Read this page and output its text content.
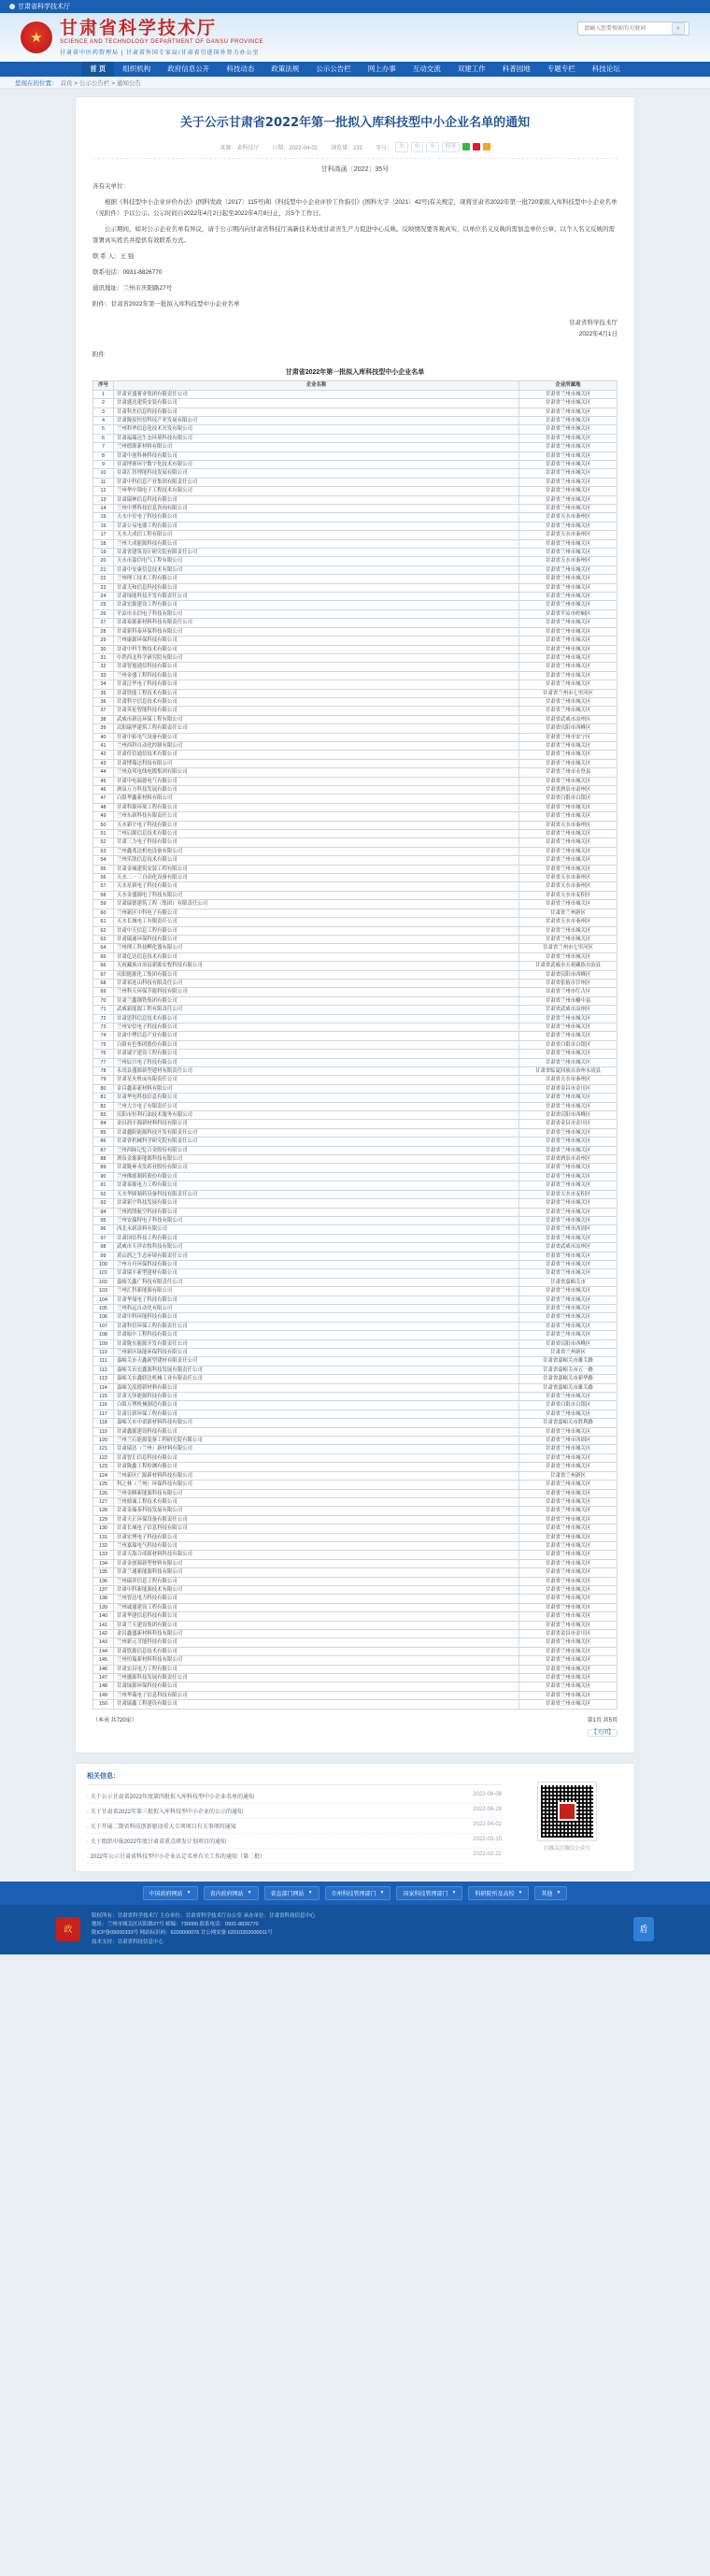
甘肃省科学技术厅
★ 甘肃省科学技术厅
SCIENCE AND TECHNOLOGY DEPARTMENT OF GANSU PROVINCE
甘肃省中医药管理局 | 甘肃省外国专家局/甘肃省引进国外智力办公室
请输入您要搜索的关键词
⌕
首 页	组织机构	政府信息公开	科技动态	政策法规	公示公告栏	网上办事	互动交流	双建工作	科普园地	专题专栏	科技论坛
您现在的位置： 首页 > 公示公告栏 > 通知公告
关于公示甘肃省2022年第一批拟入库科技型中小企业名单的通知
来源：省科技厅 日期：2022-04-02 浏览量：231 字号：	大	中	小	打印
甘科高函〔2022〕35号

各有关单位：

根据《科技型中小企业评价办法》(国科发政〔2017〕115号)和《科技型中小企业评价工作指引》(国科火字〔2021〕42号)有关规定，现将甘肃省2022年第一批720家拟入库科技型中小企业名单（见附件）予以公示。公示时间自2022年4月2日起至2022年4月8日止，共5个工作日。

公示期间，如对公示企业名单有异议，请于公示期内向甘肃省科技厅高新技术处或甘肃省生产力促进中心反映。反映情况要客观真实，以单位名义反映的需加盖单位公章，以个人名义反映的需签署真实姓名并提供有效联系方式。

联 系 人：王 强

联系电话：0931-8826770

通讯地址：兰州市庆阳路27号

附件：甘肃省2022年第一批拟入库科技型中小企业名单

甘肃省科学技术厅
2022年4月1日
附件
甘肃省2022年第一批拟入库科技型中小企业名单
序号	企业名称	企业所属地
1	甘肃亚盛薯业集团有限责任公司	甘肃省兰州市城关区
2	甘肃盛达建筑安装有限公司	甘肃省兰州市城关区
3	甘肃科杰信息科技有限公司	甘肃省兰州市城关区
4	甘肃陇原恒信科技产业发展有限公司	甘肃省兰州市城关区
5	兰州科华信息化技术开发有限公司	甘肃省兰州市城关区
6	甘肃福瑞达生态环境科技有限公司	甘肃省兰州市城关区
7	兰州德源新材料有限公司	甘肃省兰州市城关区
8	甘肃中创科林科技有限公司	甘肃省兰州市城关区
9	甘肃博睿环宇数字化技术有限公司	甘肃省兰州市城关区
10	甘肃汇智博能科技发展有限公司	甘肃省兰州市城关区
11	甘肃中科信息产业集团有限责任公司	甘肃省兰州市城关区
12	兰州华中锦电子工程技术有限公司	甘肃省兰州市城关区
13	甘肃瑞林信息科技有限公司	甘肃省兰州市城关区
14	兰州中博科技信息咨询有限公司	甘肃省兰州市城关区
15	天水中星电子科技有限公司	甘肃省天水市秦州区
16	甘肃公易电器工程有限公司	甘肃省兰州市城关区
17	天水大成信工程有限公司	甘肃省天水市秦州区
18	兰州大成能源科技有限公司	甘肃省兰州市城关区
19	甘肃省建筑设计研究院有限责任公司	甘肃省兰州市城关区
20	天水市嘉信电气工程有限公司	甘肃省天水市秦州区
21	甘肃中安康信息技术有限公司	甘肃省兰州市城关区
22	兰州理工技术工程有限公司	甘肃省兰州市城关区
23	甘肃天和信息科技有限公司	甘肃省兰州市城关区
24	甘肃绿能科技开发有限责任公司	甘肃省兰州市城关区
25	甘肃宏源建设工程有限公司	甘肃省兰州市城关区
26	平凉市永信电子科技有限公司	甘肃省平凉市崆峒区
27	甘肃泰源新材料科技有限责任公司	甘肃省兰州市城关区
28	甘肃新科泰环保科技有限公司	甘肃省兰州市城关区
29	兰州康源环保科技有限公司	甘肃省兰州市城关区
30	甘肃中科生物技术有限公司	甘肃省兰州市城关区
31	中铁西北科学研究院有限公司	甘肃省兰州市城关区
32	甘肃智旭通信科技有限公司	甘肃省兰州市城关区
33	兰州金盛工程科技有限公司	甘肃省兰州市城关区
34	甘肃泛华电子科技有限公司	甘肃省兰州市城关区
35	甘肃铁能工程技术有限公司	甘肃省兰州市七里河区
36	甘肃科宇信息技术有限公司	甘肃省兰州市城关区
37	甘肃英伦智能科技有限公司	甘肃省兰州市城关区
38	武威市新达环保工程有限公司	甘肃省武威市凉州区
39	庆阳瑞华建筑工程有限责任公司	甘肃省庆阳市西峰区
40	甘肃中拓电气设备有限公司	甘肃省兰州市安宁区
41	兰州西科自动化控制有限公司	甘肃省兰州市城关区
42	甘肃佳信通信技术有限公司	甘肃省兰州市城关区
43	甘肃博瑞达科技有限公司	甘肃省兰州市城关区
44	兰州众邦电线电缆集团有限公司	甘肃省兰州市永登县
45	甘肃中电瑞德电气有限公司	甘肃省兰州市城关区
46	酒泉万方科技发展有限公司	甘肃省酒泉市肃州区
47	白银华鑫新材料有限公司	甘肃省白银市白银区
48	甘肃科源环境工程有限公司	甘肃省兰州市城关区
49	兰州东新科技有限责任公司	甘肃省兰州市城关区
50	天水新宇电子科技有限公司	甘肃省天水市秦州区
51	兰州启源信息技术有限公司	甘肃省兰州市城关区
52	甘肃三力电子科技有限公司	甘肃省兰州市城关区
53	兰州鑫兆达机电设备有限公司	甘肃省兰州市城关区
54	兰州乐凯信息技术有限公司	甘肃省兰州市城关区
55	甘肃金城建筑安装工程有限公司	甘肃省兰州市城关区
56	天水二一三自动化设备有限公司	甘肃省天水市秦州区
57	天水星新电子科技有限公司	甘肃省天水市秦州区
58	天水金盛源电子科技有限公司	甘肃省天水市麦积区
59	甘肃瑞德建筑工程（集团）有限责任公司	甘肃省兰州市城关区
60	兰州新区中科电子有限公司	甘肃省兰州新区
61	天水长城电工有限责任公司	甘肃省天水市秦州区
62	甘肃中天信息工程有限公司	甘肃省兰州市城关区
63	甘肃瑞迪环保科技有限公司	甘肃省兰州市城关区
64	兰州理工科技孵化器有限公司	甘肃省兰州市七里河区
65	甘肃亿达信息技术有限公司	甘肃省兰州市城关区
66	天祝藏族自治县新源农牧科技有限公司	甘肃省武威市天祝藏族自治县
67	庆阳能源化工集团有限公司	甘肃省庆阳市西峰区
68	甘肃祁连山科技有限责任公司	甘肃省张掖市甘州区
69	兰州科天环保节能科技有限公司	甘肃省兰州市红古区
70	甘肃兰鑫钢铁集团有限公司	甘肃省兰州市榆中县
71	武威新能源工程有限责任公司	甘肃省武威市凉州区
72	甘肃思科信息技术有限公司	甘肃省兰州市城关区
73	兰州安信电子科技有限公司	甘肃省兰州市城关区
74	甘肃中博信息产业有限公司	甘肃省兰州市城关区
75	白银有色集团股份有限公司	甘肃省白银市白银区
76	甘肃诚宇建设工程有限公司	甘肃省兰州市城关区
77	兰州辰兴电子科技有限公司	甘肃省兰州市城关区
78	永靖县盛源新型建材有限责任公司	甘肃省临夏回族自治州永靖县
79	甘肃星火机床有限责任公司	甘肃省天水市秦州区
80	金昌鑫泰新材料有限公司	甘肃省金昌市金川区
81	甘肃华电科技信息有限公司	甘肃省兰州市城关区
82	兰州大方电子有限责任公司	甘肃省兰州市城关区
83	庆阳市恒利石油技术服务有限公司	甘肃省庆阳市西峰区
84	金昌润丰源新材料科技有限公司	甘肃省金昌市金川区
85	甘肃鑫阳能源科技开发有限责任公司	甘肃省兰州市城关区
86	甘肃省机械科学研究院有限责任公司	甘肃省兰州市城关区
87	兰州西脉记忆合金股份有限公司	甘肃省兰州市城关区
88	酒泉金源新能源科技有限公司	甘肃省酒泉市肃州区
89	甘肃陇神戎发药业股份有限公司	甘肃省兰州市城关区
90	兰州佛慈制药股份有限公司	甘肃省兰州市城关区
91	甘肃泰源电力工程有限公司	甘肃省兰州市城关区
92	天水华圆制药设备科技有限责任公司	甘肃省天水市麦积区
93	甘肃新宇科技发展有限公司	甘肃省兰州市城关区
94	兰州鸿鹄航空科技有限公司	甘肃省兰州市城关区
95	兰州安瑞特电子科技有限公司	甘肃省兰州市城关区
96	西北永新涂料有限公司	甘肃省兰州市西固区
97	甘肃国信科技工程有限公司	甘肃省兰州市城关区
98	武威市天祥农牧科技有限公司	甘肃省武威市凉州区
99	黄山润之生态环境有限责任公司	甘肃省兰州市城关区
100	兰州方舟环保科技有限公司	甘肃省兰州市城关区
101	甘肃瑞丰新型建材有限公司	甘肃省兰州市城关区
102	嘉峪关鑫广科技有限责任公司	甘肃省嘉峪关市
103	兰州汇科新能源有限公司	甘肃省兰州市城关区
104	甘肃华晟电子科技有限公司	甘肃省兰州市城关区
105	兰州科远自动化有限公司	甘肃省兰州市城关区
106	甘肃中科环能科技有限公司	甘肃省兰州市城关区
107	甘肃科信环保工程有限责任公司	甘肃省兰州市城关区
108	甘肃振中工程科技有限公司	甘肃省兰州市城关区
109	甘肃陇东能源开发有限责任公司	甘肃省庆阳市西峰区
110	兰州新区绿能环保科技有限公司	甘肃省兰州新区
111	嘉峪关市天鑫新型建材有限责任公司	甘肃省嘉峪关市雄关路
112	嘉峪关市宏鑫源科技发展有限责任公司	甘肃省嘉峪关市五一路
113	嘉峪关市鑫联达机械工业有限责任公司	甘肃省嘉峪关市新华路
114	嘉峪关泓德新材料有限公司	甘肃省嘉峪关市雄关路
115	甘肃天泽能源科技有限公司	甘肃省兰州市城关区
116	白银万博机械制造有限公司	甘肃省白银市白银区
117	甘肃日新环保工程有限公司	甘肃省兰州市城关区
118	嘉峪关市中诺新材料科技有限公司	甘肃省嘉峪关市胜利路
119	甘肃鑫源建设科技有限公司	甘肃省兰州市城关区
120	兰州兰石能源装备工程研究院有限公司	甘肃省兰州市西固区
121	甘肃瑞达（兰州）新材料有限公司	甘肃省兰州市城关区
122	甘肃智汇信息科技有限公司	甘肃省兰州市城关区
123	甘肃陇鑫工程检测有限公司	甘肃省兰州市城关区
124	兰州新区广源新材料科技有限公司	甘肃省兰州新区
125	科之林（兰州）环保科技有限公司	甘肃省兰州市城关区
126	兰州金腾新能源科技有限公司	甘肃省兰州市城关区
127	兰州鼎诚工程技术有限公司	甘肃省兰州市城关区
128	甘肃金瑞泰科技发展有限公司	甘肃省兰州市城关区
129	甘肃天正环保设备有限责任公司	甘肃省兰州市城关区
130	甘肃长城电子信息科技有限公司	甘肃省兰州市城关区
131	甘肃宏博电子科技有限公司	甘肃省兰州市城关区
132	兰州嘉瑞电气科技有限公司	甘肃省兰州市城关区
133	甘肃天海合成新材料科技有限公司	甘肃省兰州市城关区
134	甘肃金创源新型材料有限公司	甘肃省兰州市城关区
135	甘肃兰通新能源科技有限公司	甘肃省兰州市城关区
136	兰州瑞祥信息工程有限公司	甘肃省兰州市城关区
137	甘肃中科新能源技术有限公司	甘肃省兰州市城关区
138	兰州智达电力科技有限公司	甘肃省兰州市城关区
139	兰州诚通建设工程有限公司	甘肃省兰州市城关区
140	甘肃华建信息科技有限公司	甘肃省兰州市城关区
141	甘肃兰天建设集团有限公司	甘肃省兰州市城关区
142	金昌鑫盛新材料科技有限公司	甘肃省金昌市金川区
143	兰州新元节能科技有限公司	甘肃省兰州市城关区
144	甘肃欣源信息技术有限公司	甘肃省兰州市城关区
145	兰州恒瑞新材料科技有限公司	甘肃省兰州市城关区
146	甘肃宏昌电力工程有限公司	甘肃省兰州市城关区
147	兰州盛源科技发展有限责任公司	甘肃省兰州市城关区
148	甘肃绿源环保科技有限公司	甘肃省兰州市城关区
149	兰州华瑞电子信息科技有限公司	甘肃省兰州市城关区
150	甘肃瑞鑫工程建设有限公司	甘肃省兰州市城关区
（本表 共720家）	第1页 共5页
【关闭】
相关信息：
· 关于公示甘肃省2022年度第四批拟入库科技型中小企业名单的通知	2022-08-08
· 关于甘肃省2022年第三批拟入库科技型中小企业的公示的通知	2022-06-28
· 关于开展二期省科技创新驱动重大专项项目有关事项的通知	2022-04-02
· 关于组织申报2022年度甘肃省重点研发计划项目的通知	2022-03-15
· 2022年公示甘肃省科技型中小企业认定名单有关工作的通知（第二批）	2022-02-22
扫描关注微信公众号
中国政府网站 ▼	省内政府网站 ▼	省直部门网站 ▼	市州科技管理部门 ▼	国家科技管理部门 ▼	科研院所及高校 ▼	其他 ▼
政
版权所有：甘肃省科学技术厅 主办单位：甘肃省科学技术厅办公室 承办单位：甘肃省科技信息中心
地址：兰州市城关区庆阳路27号 邮编：730000 联系电话：0931-8826770
陇ICP备05000333号 网站标识码：6200000076 甘公网安备 62010202000011号
技术支持：甘肃省科技信息中心
盾
